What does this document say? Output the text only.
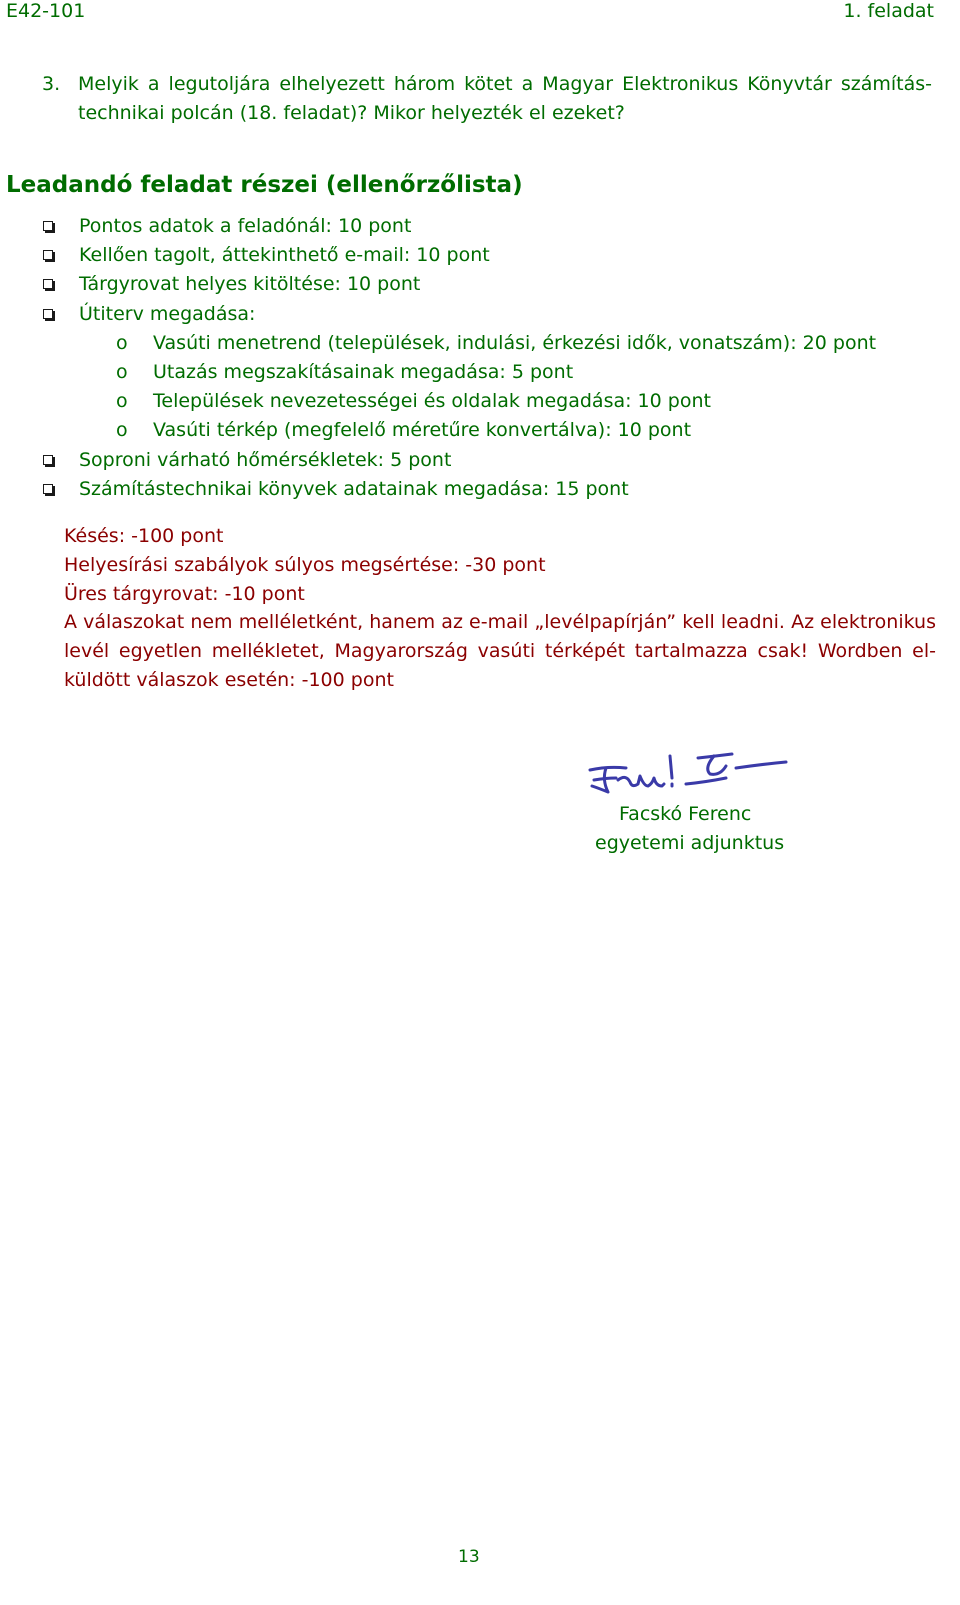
E42-101	1. feladat
3. Melyik a legutoljára elhelyezett három kötet a Magyar Elektronikus Könyvtár számítás-technikai polcán (18. feladat)? Mikor helyezték el ezeket?
Leadandó feladat részei (ellenőrzőlista)
Pontos adatok a feladónál: 10 pont
Kellően tagolt, áttekinthető e-mail: 10 pont
Tárgyrovat helyes kitöltése: 10 pont
Útiterv megadása:
o Vasúti menetrend (települések, indulási, érkezési idők, vonatszám): 20 pont
o Utazás megszakításainak megadása: 5 pont
o Települések nevezetességei és oldalak megadása: 10 pont
o Vasúti térkép (megfelelő méretűre konvertálva): 10 pont
Soproni várható hőmérsékletek: 5 pont
Számítástechnikai könyvek adatainak megadása: 15 pont

Késés: -100 pont

Helyesírási szabályok súlyos megsértése: -30 pont

Üres tárgyrovat: -10 pont

A válaszokat nem melléletként, hanem az e-mail „levélpapírján” kell leadni. Az elektronikus levél egyetlen mellékletet, Magyarország vasúti térképét tartalmazza csak! Wordben el-küldött válaszok esetén: -100 pont

Facskó Ferenc
egyetemi adjunktus
13
